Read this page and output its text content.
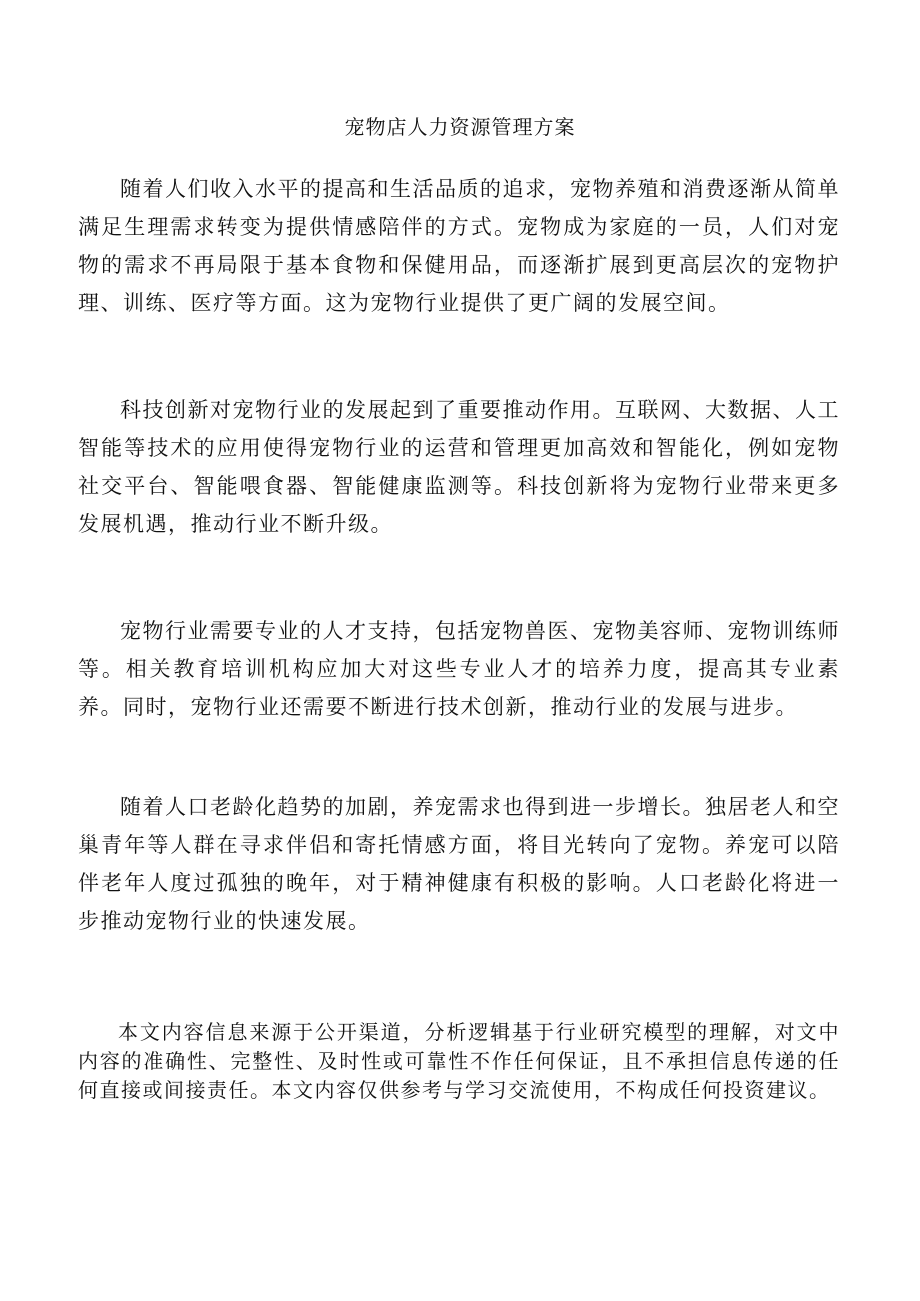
宠物店人力资源管理方案

随着人们收入水平的提高和生活品质的追求，宠物养殖和消费逐渐从简单满足生理需求转变为提供情感陪伴的方式。宠物成为家庭的一员，人们对宠物的需求不再局限于基本食物和保健用品，而逐渐扩展到更高层次的宠物护理、训练、医疗等方面。这为宠物行业提供了更广阔的发展空间。

科技创新对宠物行业的发展起到了重要推动作用。互联网、大数据、人工智能等技术的应用使得宠物行业的运营和管理更加高效和智能化，例如宠物社交平台、智能喂食器、智能健康监测等。科技创新将为宠物行业带来更多发展机遇，推动行业不断升级。

宠物行业需要专业的人才支持，包括宠物兽医、宠物美容师、宠物训练师等。相关教育培训机构应加大对这些专业人才的培养力度，提高其专业素养。同时，宠物行业还需要不断进行技术创新，推动行业的发展与进步。

随着人口老龄化趋势的加剧，养宠需求也得到进一步增长。独居老人和空巢青年等人群在寻求伴侣和寄托情感方面，将目光转向了宠物。养宠可以陪伴老年人度过孤独的晚年，对于精神健康有积极的影响。人口老龄化将进一步推动宠物行业的快速发展。

本文内容信息来源于公开渠道，分析逻辑基于行业研究模型的理解，对文中内容的准确性、完整性、及时性或可靠性不作任何保证，且不承担信息传递的任何直接或间接责任。本文内容仅供参考与学习交流使用，不构成任何投资建议。
